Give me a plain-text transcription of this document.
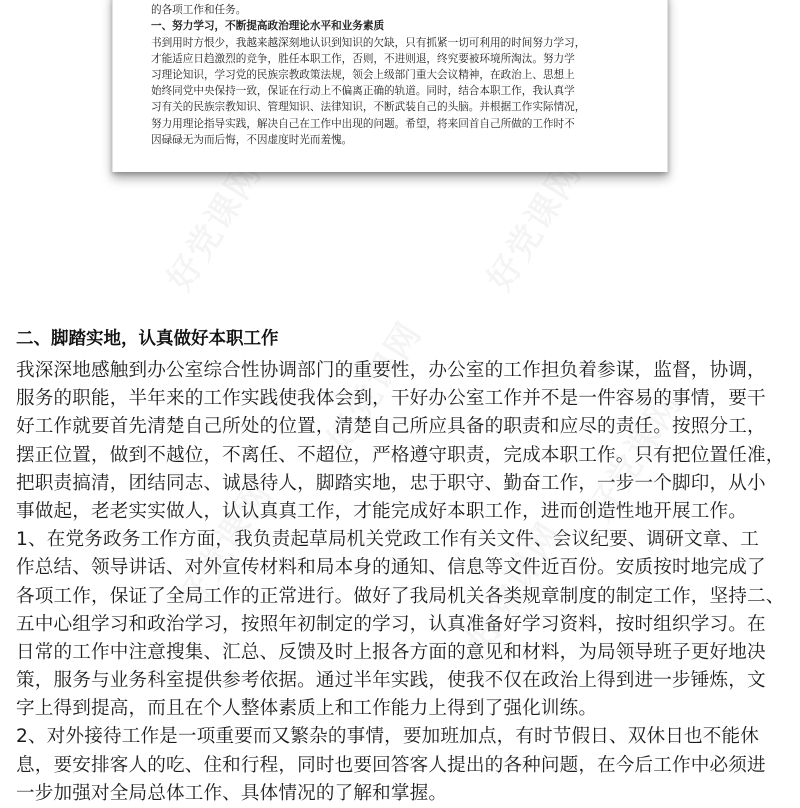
的各项工作和任务。
一、努力学习，不断提高政治理论水平和业务素质
书到用时方恨少，我越来越深刻地认识到知识的欠缺，只有抓紧一切可利用的时间努力学习，
才能适应日趋激烈的竞争，胜任本职工作，否则，不进则退，终究要被环境所淘汰。努力学
习理论知识，学习党的民族宗教政策法规，领会上级部门重大会议精神，在政治上、思想上
始终同党中央保持一致，保证在行动上不偏离正确的轨道。同时，结合本职工作，我认真学
习有关的民族宗教知识、管理知识、法律知识，不断武装自己的头脑。并根据工作实际情况，
努力用理论指导实践，解决自己在工作中出现的问题。希望，将来回首自己所做的工作时不
因碌碌无为而后悔，不因虚度时光而羞愧。
二、脚踏实地，认真做好本职工作
我深深地感触到办公室综合性协调部门的重要性，办公室的工作担负着参谋，监督，协调，
服务的职能，半年来的工作实践使我体会到，干好办公室工作并不是一件容易的事情，要干
好工作就要首先清楚自己所处的位置，清楚自己所应具备的职责和应尽的责任。按照分工，
摆正位置，做到不越位，不离任、不超位，严格遵守职责，完成本职工作。只有把位置任准，
把职责搞清，团结同志、诚恳待人，脚踏实地，忠于职守、勤奋工作，一步一个脚印，从小
事做起，老老实实做人，认认真真工作，才能完成好本职工作，进而创造性地开展工作。
1、在党务政务工作方面，我负责起草局机关党政工作有关文件、会议纪要、调研文章、工
作总结、领导讲话、对外宣传材料和局本身的通知、信息等文件近百份。安质按时地完成了
各项工作，保证了全局工作的正常进行。做好了我局机关各类规章制度的制定工作，坚持二、
五中心组学习和政治学习，按照年初制定的学习，认真准备好学习资料，按时组织学习。在
日常的工作中注意搜集、汇总、反馈及时上报各方面的意见和材料，为局领导班子更好地决
策，服务与业务科室提供参考依据。通过半年实践，使我不仅在政治上得到进一步锤炼，文
字上得到提高，而且在个人整体素质上和工作能力上得到了强化训练。
2、对外接待工作是一项重要而又繁杂的事情，要加班加点，有时节假日、双休日也不能休
息，要安排客人的吃、住和行程，同时也要回答客人提出的各种问题，在今后工作中必须进
一步加强对全局总体工作、具体情况的了解和掌握。
